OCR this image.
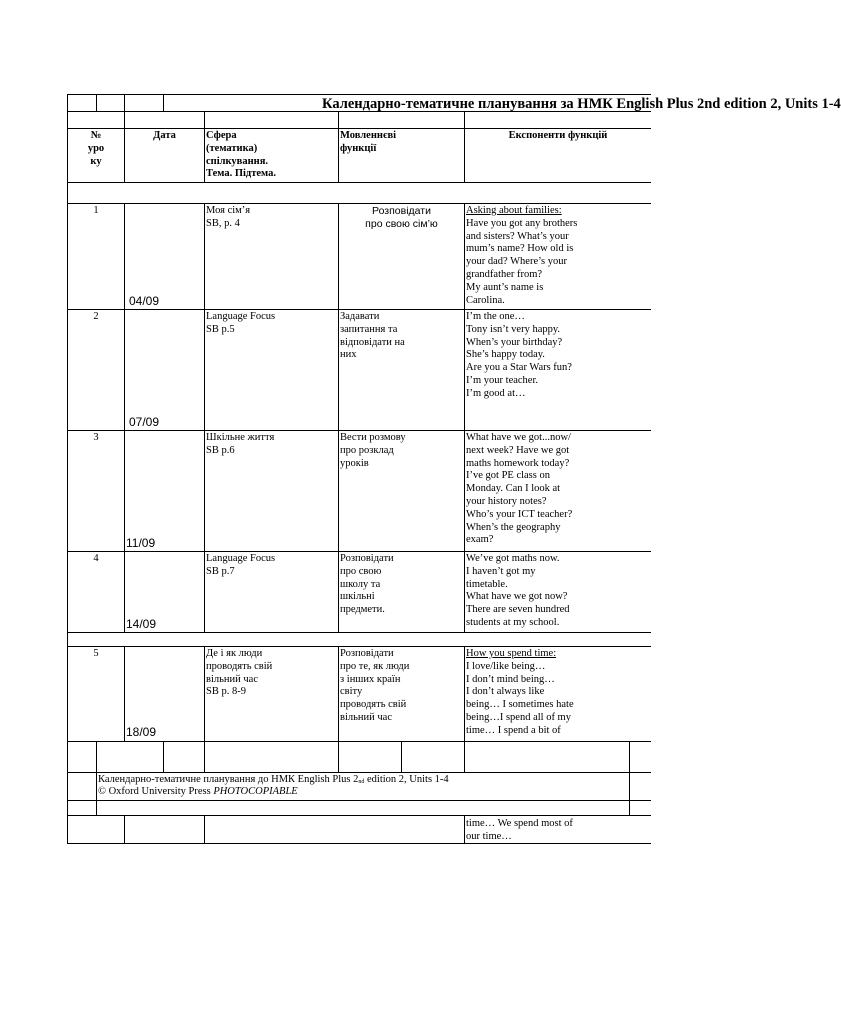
Календарно-тематичне планування за НМК English Plus 2nd edition 2, Units 1-4
№
уро
ку
Дата	Сфера
(тематика)
спілкування.
Тема. Підтема.
Мовленнєві
функції
Експоненти функцій
1
04/09
Моя сім’я
SB, p. 4
Розповідати
про свою сім’ю
Asking about families:
Have you got any brothers
and sisters? What’s your
mum’s name? How old is
your dad? Where’s your
grandfather from?
My aunt’s name is
Carolina.
2
07/09
Language Focus
SB p.5
Задавати
запитання та
відповідати на
них
I’m the one…
Tony isn’t very happy.
When’s your birthday?
She’s happy today.
Are you a Star Wars fun?
I’m your teacher.
I’m good at…
3
11/09
Шкільне життя
SB p.6
Вести розмову
про розклад
уроків
What have we got...now/
next week? Have we got
maths homework today?
I’ve got PE class on
Monday. Can I look at
your history notes?
Who’s your ICT teacher?
When’s the geography
exam?
4
14/09
Language Focus
SB p.7
Розповідати
про свою
школу та
шкільні
предмети.
We’ve got maths now.
I haven’t got my
timetable.
What have we got now?
There are seven hundred
students at my school.
5
18/09
Де і як люди
проводять свій
вільний час
SB p. 8-9
Розповідати
про те, як люди
з інших країн
світу
проводять свій
вільний час
How you spend time:
I love/like being…
I don’t mind being…
I don’t always like
being… I sometimes hate
being…I spend all of my
time… I spend a bit of
Календарно-тематичне планування до НМК English Plus $2_{nd}$ edition 2, Units 1-4
© Oxford University Press PHOTOCOPIABLE
time… We spend most of
our time…
